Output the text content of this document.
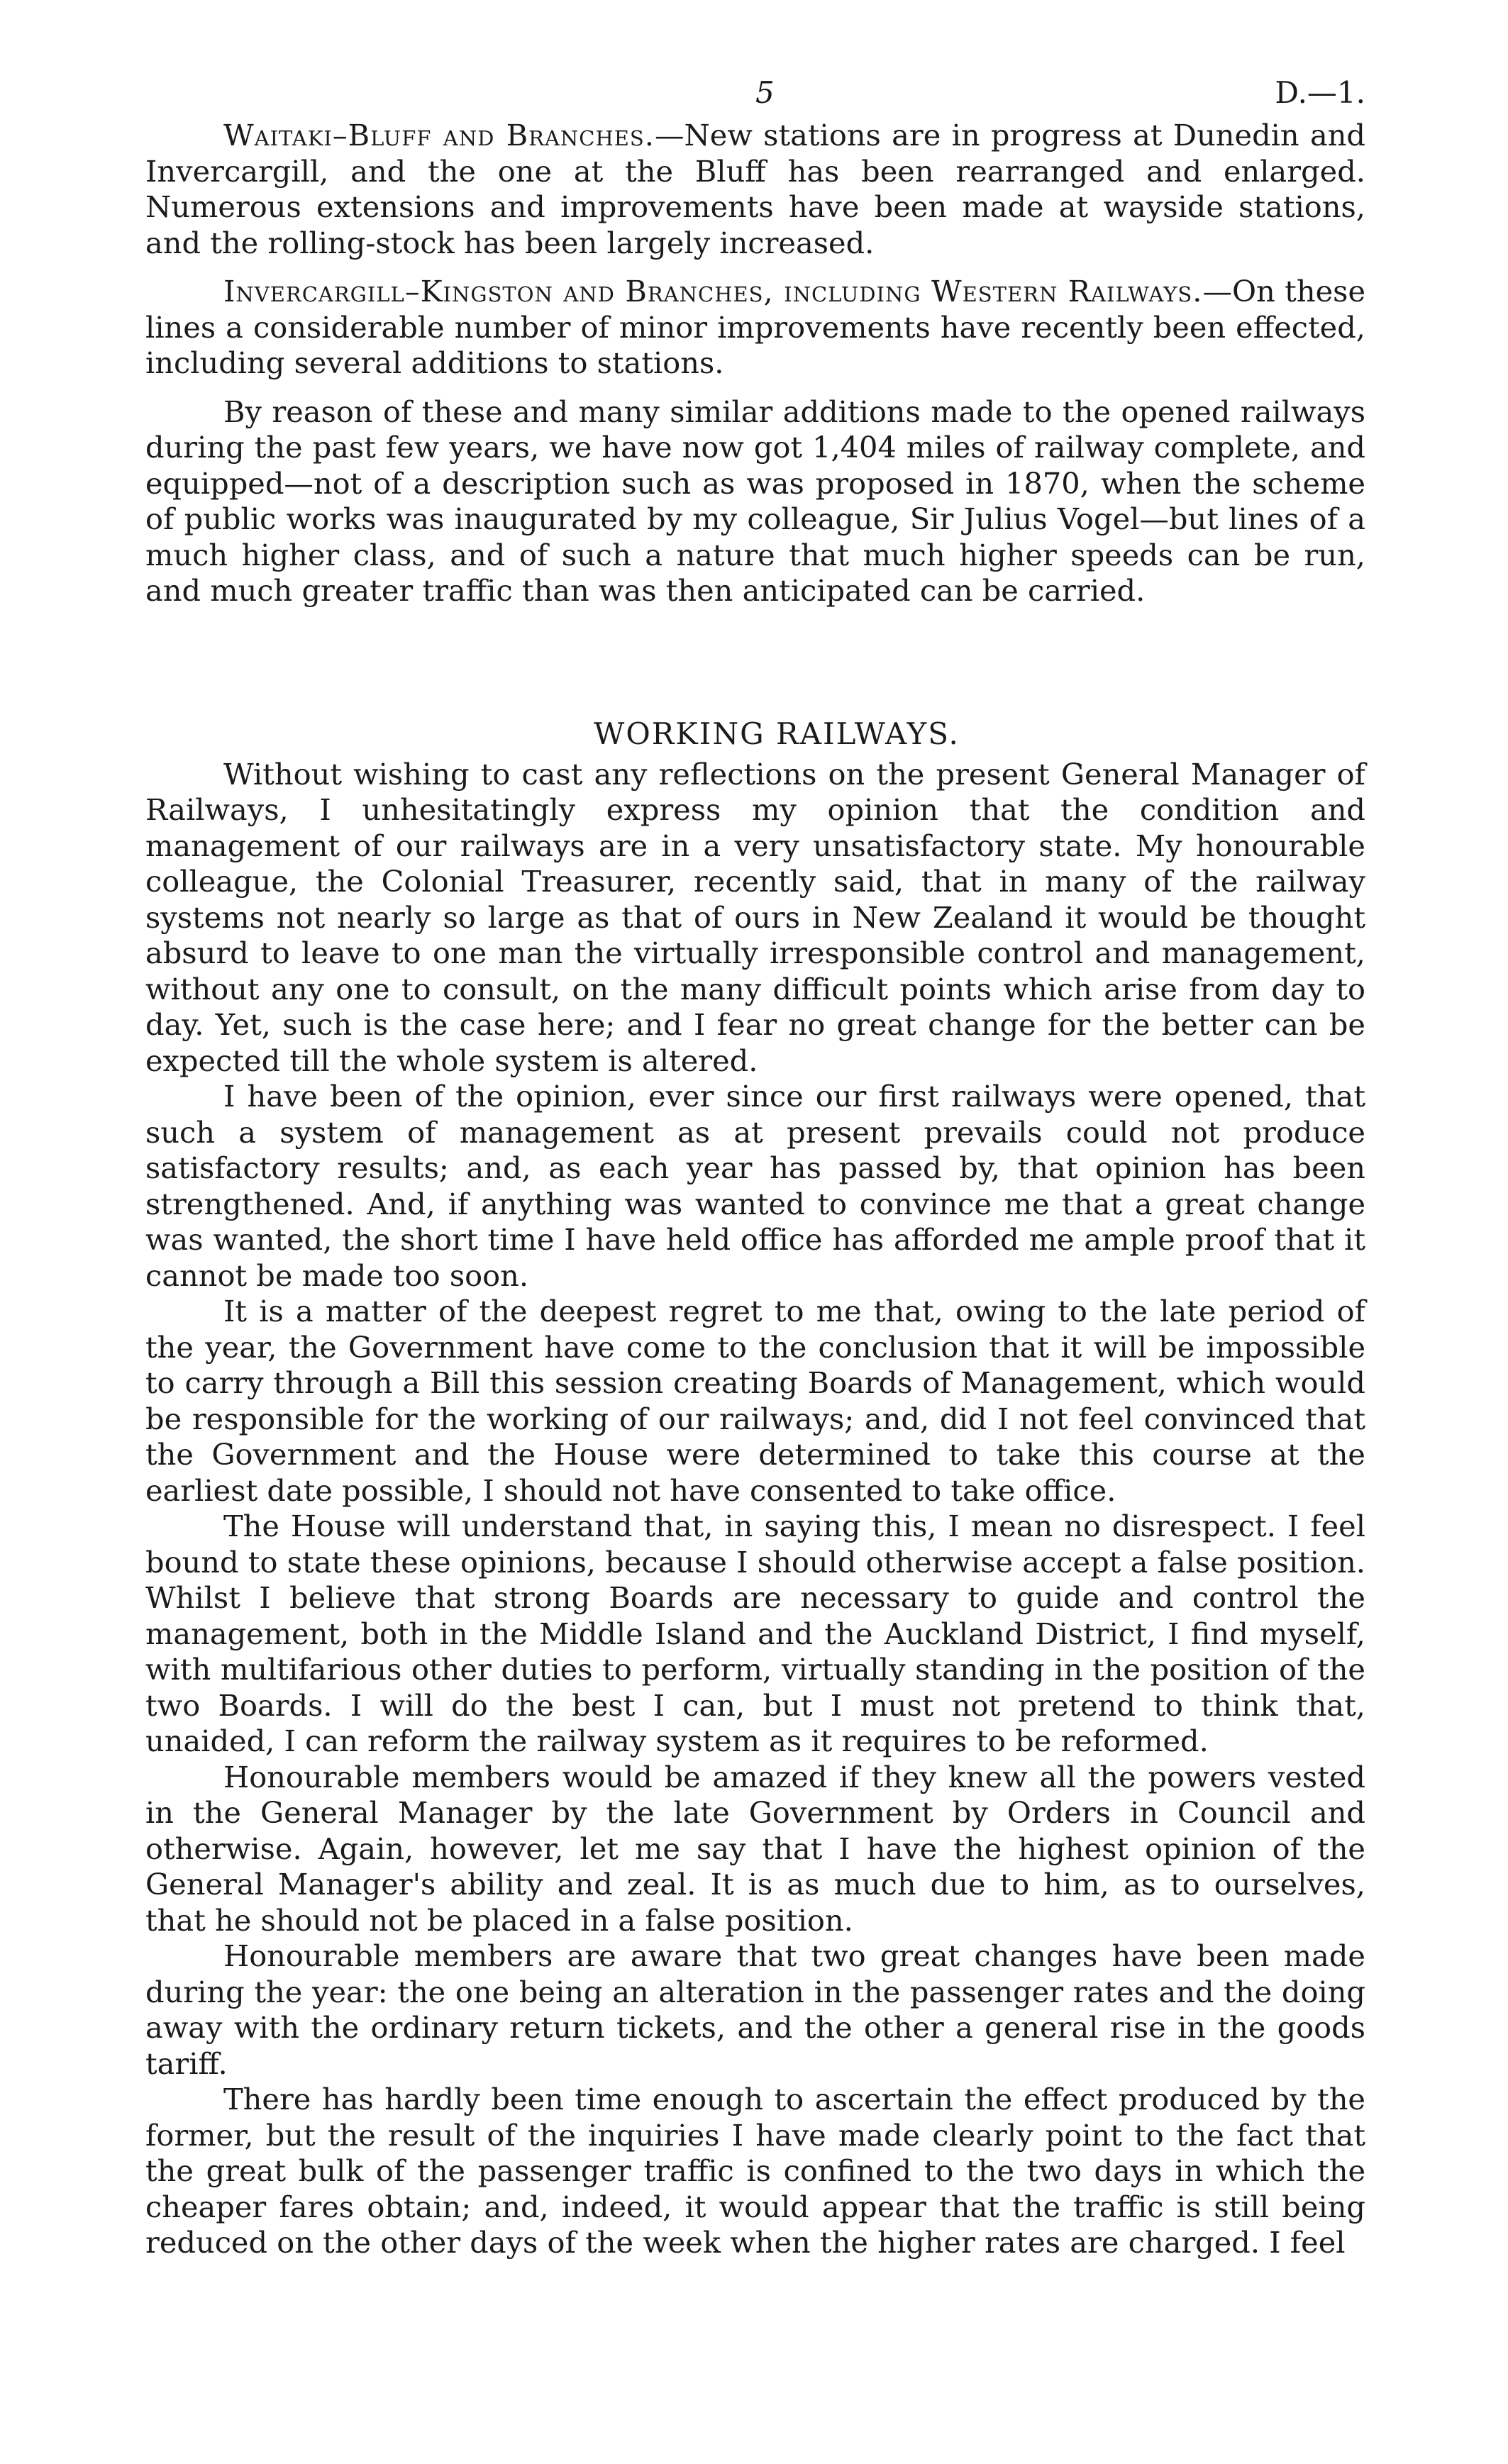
5	D.—1.

Waitaki–Bluff and Branches.—New stations are in progress at Dunedin and Invercargill, and the one at the Bluff has been rearranged and enlarged. Numerous extensions and improvements have been made at wayside stations, and the rolling-stock has been largely increased.

Invercargill–Kingston and Branches, including Western Railways.—On these lines a considerable number of minor improvements have recently been effected, including several additions to stations.

By reason of these and many similar additions made to the opened railways during the past few years, we have now got 1,404 miles of railway complete, and equipped—not of a description such as was proposed in 1870, when the scheme of public works was inaugurated by my colleague, Sir Julius Vogel—but lines of a much higher class, and of such a nature that much higher speeds can be run, and much greater traffic than was then anticipated can be carried.

WORKING RAILWAYS.

Without wishing to cast any reflections on the present General Manager of Railways, I unhesitatingly express my opinion that the condition and management of our railways are in a very unsatisfactory state. My honourable colleague, the Colonial Treasurer, recently said, that in many of the railway systems not nearly so large as that of ours in New Zealand it would be thought absurd to leave to one man the virtually irresponsible control and management, without any one to consult, on the many difficult points which arise from day to day. Yet, such is the case here; and I fear no great change for the better can be expected till the whole system is altered.

I have been of the opinion, ever since our first railways were opened, that such a system of management as at present prevails could not produce satisfactory results; and, as each year has passed by, that opinion has been strengthened. And, if anything was wanted to convince me that a great change was wanted, the short time I have held office has afforded me ample proof that it cannot be made too soon.

It is a matter of the deepest regret to me that, owing to the late period of the year, the Government have come to the conclusion that it will be impossible to carry through a Bill this session creating Boards of Management, which would be responsible for the working of our railways; and, did I not feel convinced that the Government and the House were determined to take this course at the earliest date possible, I should not have consented to take office.

The House will understand that, in saying this, I mean no disrespect. I feel bound to state these opinions, because I should otherwise accept a false position. Whilst I believe that strong Boards are necessary to guide and control the management, both in the Middle Island and the Auckland District, I find myself, with multifarious other duties to perform, virtually standing in the position of the two Boards. I will do the best I can, but I must not pretend to think that, unaided, I can reform the railway system as it requires to be reformed.

Honourable members would be amazed if they knew all the powers vested in the General Manager by the late Government by Orders in Council and otherwise. Again, however, let me say that I have the highest opinion of the General Manager's ability and zeal. It is as much due to him, as to ourselves, that he should not be placed in a false position.

Honourable members are aware that two great changes have been made during the year: the one being an alteration in the passenger rates and the doing away with the ordinary return tickets, and the other a general rise in the goods tariff.

There has hardly been time enough to ascertain the effect produced by the former, but the result of the inquiries I have made clearly point to the fact that the great bulk of the passenger traffic is confined to the two days in which the cheaper fares obtain; and, indeed, it would appear that the traffic is still being reduced on the other days of the week when the higher rates are charged. I feel
